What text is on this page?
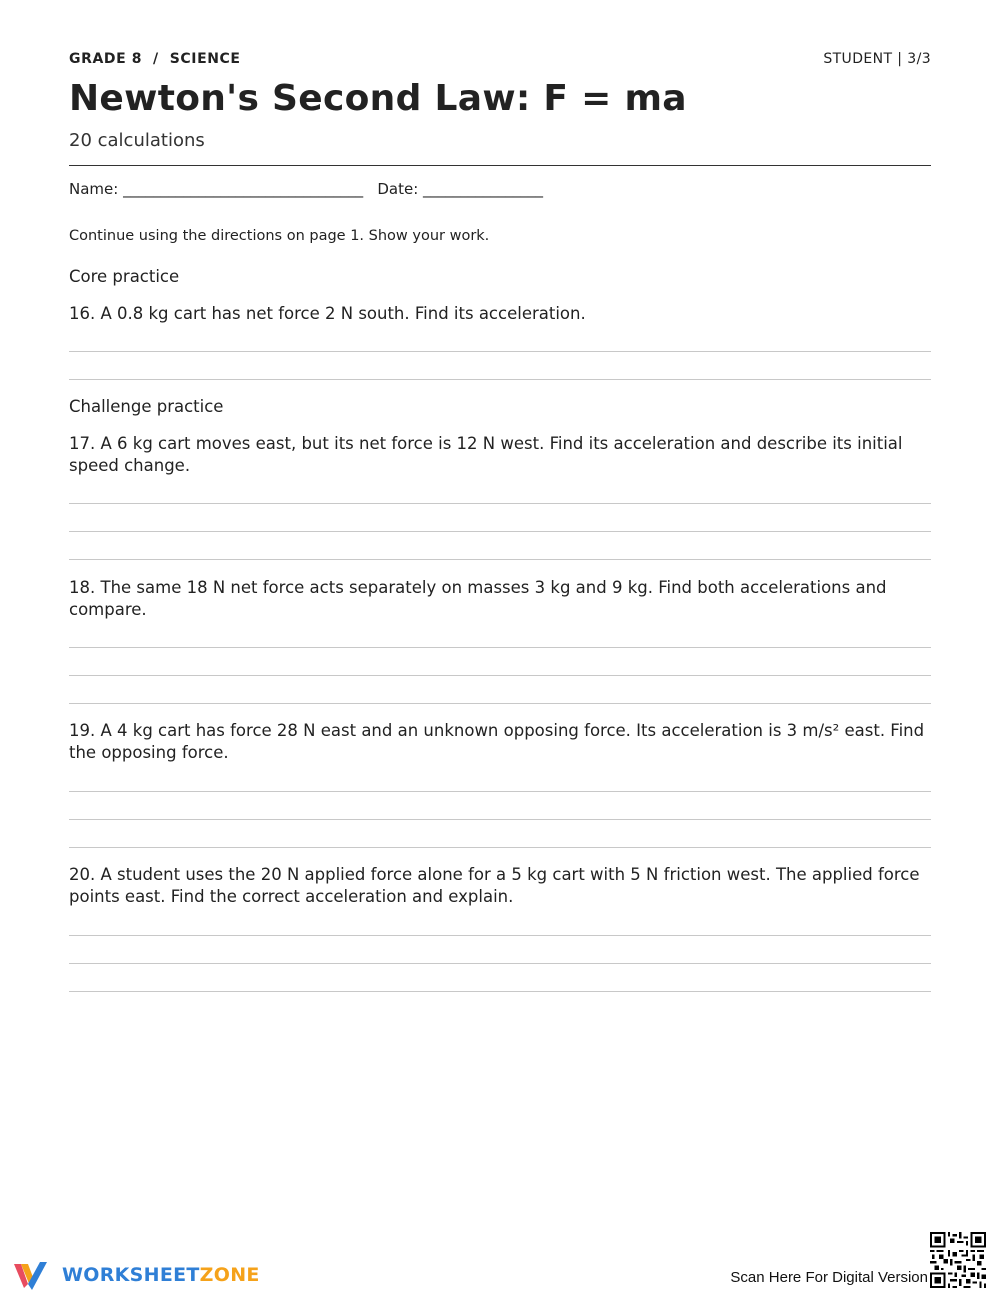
GRADE 8  /  SCIENCE	STUDENT | 3/3
Newton's Second Law: F = ma
20 calculations
Name: ________________________________   Date: ________________
Continue using the directions on page 1. Show your work.
Core practice
16. A 0.8 kg cart has net force 2 N south. Find its acceleration.
Challenge practice
17. A 6 kg cart moves east, but its net force is 12 N west. Find its acceleration and describe its initial speed change.
18. The same 18 N net force acts separately on masses 3 kg and 9 kg. Find both accelerations and compare.
19. A 4 kg cart has force 28 N east and an unknown opposing force. Its acceleration is 3 m/s² east. Find the opposing force.
20. A student uses the 20 N applied force alone for a 5 kg cart with 5 N friction west. The applied force points east. Find the correct acceleration and explain.
WORKSHEETZONE	Scan Here For Digital Version
